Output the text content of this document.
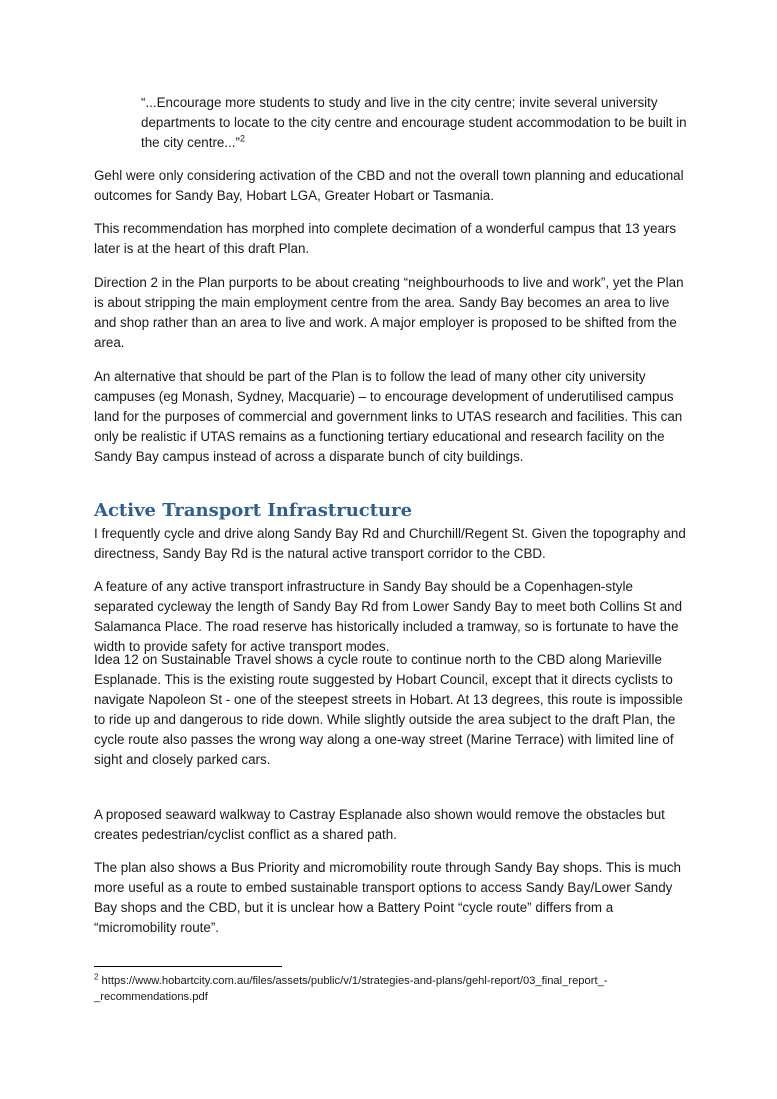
“...Encourage more students to study and live in the city centre; invite several university departments to locate to the city centre and encourage student accommodation to be built in the city centre...”$^2$

Gehl were only considering activation of the CBD and not the overall town planning and educational outcomes for Sandy Bay, Hobart LGA, Greater Hobart or Tasmania.

This recommendation has morphed into complete decimation of a wonderful campus that 13 years later is at the heart of this draft Plan.

Direction 2 in the Plan purports to be about creating “neighbourhoods to live and work”, yet the Plan is about stripping the main employment centre from the area. Sandy Bay becomes an area to live and shop rather than an area to live and work. A major employer is proposed to be shifted from the area.

An alternative that should be part of the Plan is to follow the lead of many other city university campuses (eg Monash, Sydney, Macquarie) – to encourage development of underutilised campus land for the purposes of commercial and government links to UTAS research and facilities. This can only be realistic if UTAS remains as a functioning tertiary educational and research facility on the Sandy Bay campus instead of across a disparate bunch of city buildings.

Active Transport Infrastructure

I frequently cycle and drive along Sandy Bay Rd and Churchill/Regent St. Given the topography and directness, Sandy Bay Rd is the natural active transport corridor to the CBD.

A feature of any active transport infrastructure in Sandy Bay should be a Copenhagen-style separated cycleway the length of Sandy Bay Rd from Lower Sandy Bay to meet both Collins St and Salamanca Place. The road reserve has historically included a tramway, so is fortunate to have the width to provide safety for active transport modes.

Idea 12 on Sustainable Travel shows a cycle route to continue north to the CBD along Marieville Esplanade. This is the existing route suggested by Hobart Council, except that it directs cyclists to navigate Napoleon St - one of the steepest streets in Hobart. At 13 degrees, this route is impossible to ride up and dangerous to ride down. While slightly outside the area subject to the draft Plan, the cycle route also passes the wrong way along a one-way street (Marine Terrace) with limited line of sight and closely parked cars.

A proposed seaward walkway to Castray Esplanade also shown would remove the obstacles but creates pedestrian/cyclist conflict as a shared path.

The plan also shows a Bus Priority and micromobility route through Sandy Bay shops. This is much more useful as a route to embed sustainable transport options to access Sandy Bay/Lower Sandy Bay shops and the CBD, but it is unclear how a Battery Point “cycle route” differs from a “micromobility route”.

$^2$ https://www.hobartcity.com.au/files/assets/public/v/1/strategies-and-plans/gehl-report/03_final_report_-_recommendations.pdf
